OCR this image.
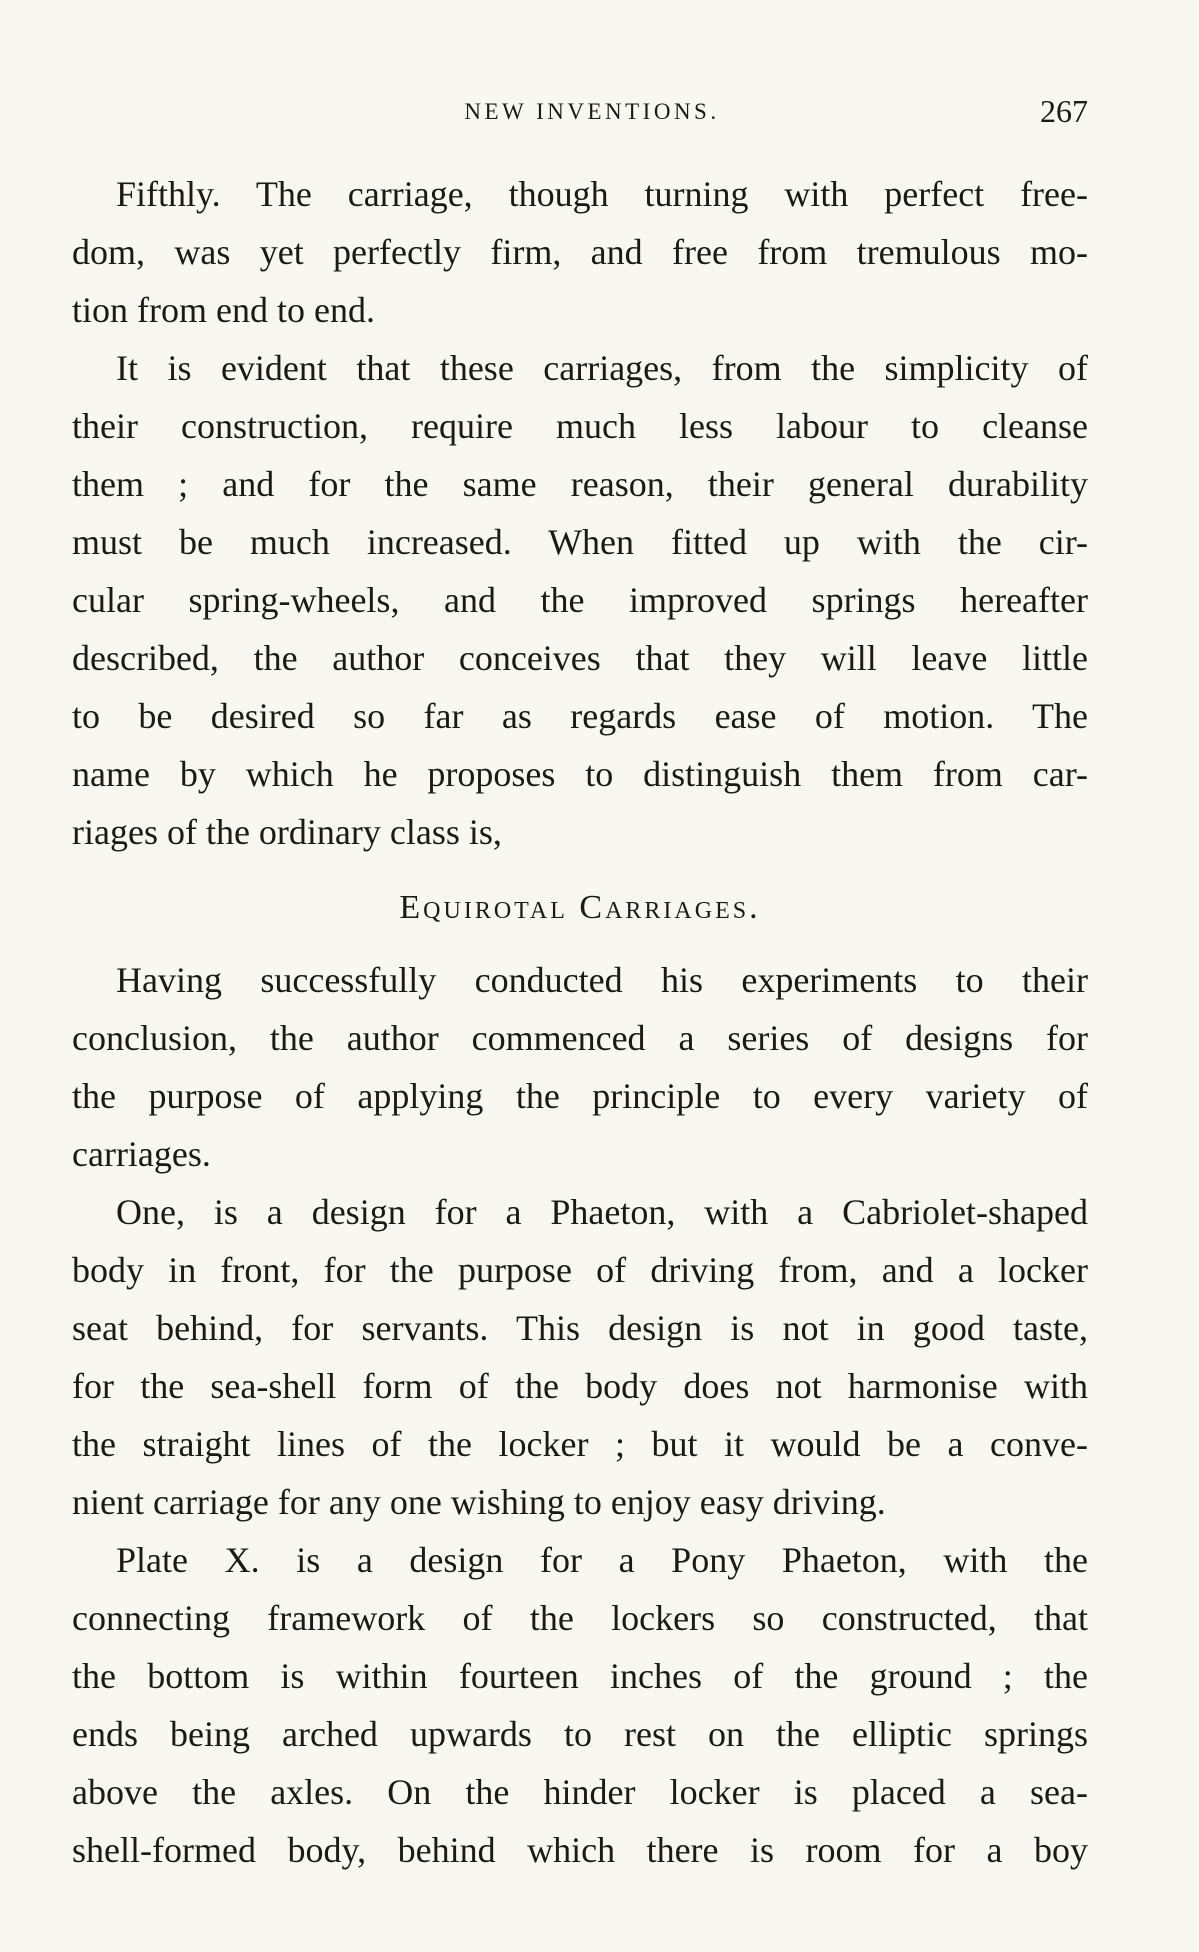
NEW INVENTIONS.	267
Fifthly. The carriage, though turning with perfect free-
dom, was yet perfectly firm, and free from tremulous mo-
tion from end to end.
It is evident that these carriages, from the simplicity of
their construction, require much less labour to cleanse
them ; and for the same reason, their general durability
must be much increased. When fitted up with the cir-
cular spring-wheels, and the improved springs hereafter
described, the author conceives that they will leave little
to be desired so far as regards ease of motion. The
name by which he proposes to distinguish them from car-
riages of the ordinary class is,
Equirotal Carriages.
Having successfully conducted his experiments to their
conclusion, the author commenced a series of designs for
the purpose of applying the principle to every variety of
carriages.
One, is a design for a Phaeton, with a Cabriolet-shaped
body in front, for the purpose of driving from, and a locker
seat behind, for servants. This design is not in good taste,
for the sea-shell form of the body does not harmonise with
the straight lines of the locker ; but it would be a conve-
nient carriage for any one wishing to enjoy easy driving.
Plate X. is a design for a Pony Phaeton, with the
connecting framework of the lockers so constructed, that
the bottom is within fourteen inches of the ground ; the
ends being arched upwards to rest on the elliptic springs
above the axles. On the hinder locker is placed a sea-
shell-formed body, behind which there is room for a boy
